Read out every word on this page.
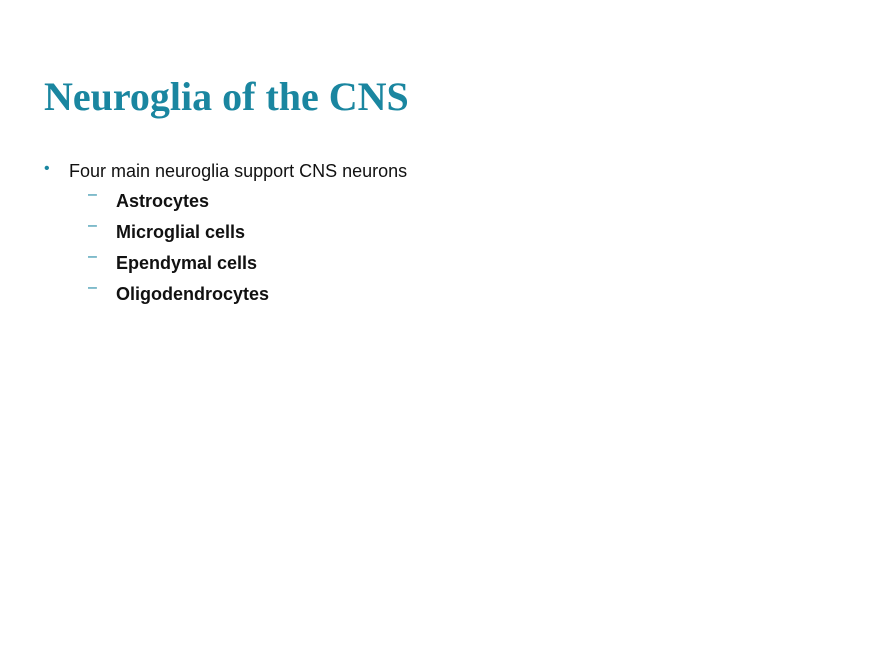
Neuroglia of the CNS
• Four main neuroglia support CNS neurons
– Astrocytes
– Microglial cells
– Ependymal cells
– Oligodendrocytes
